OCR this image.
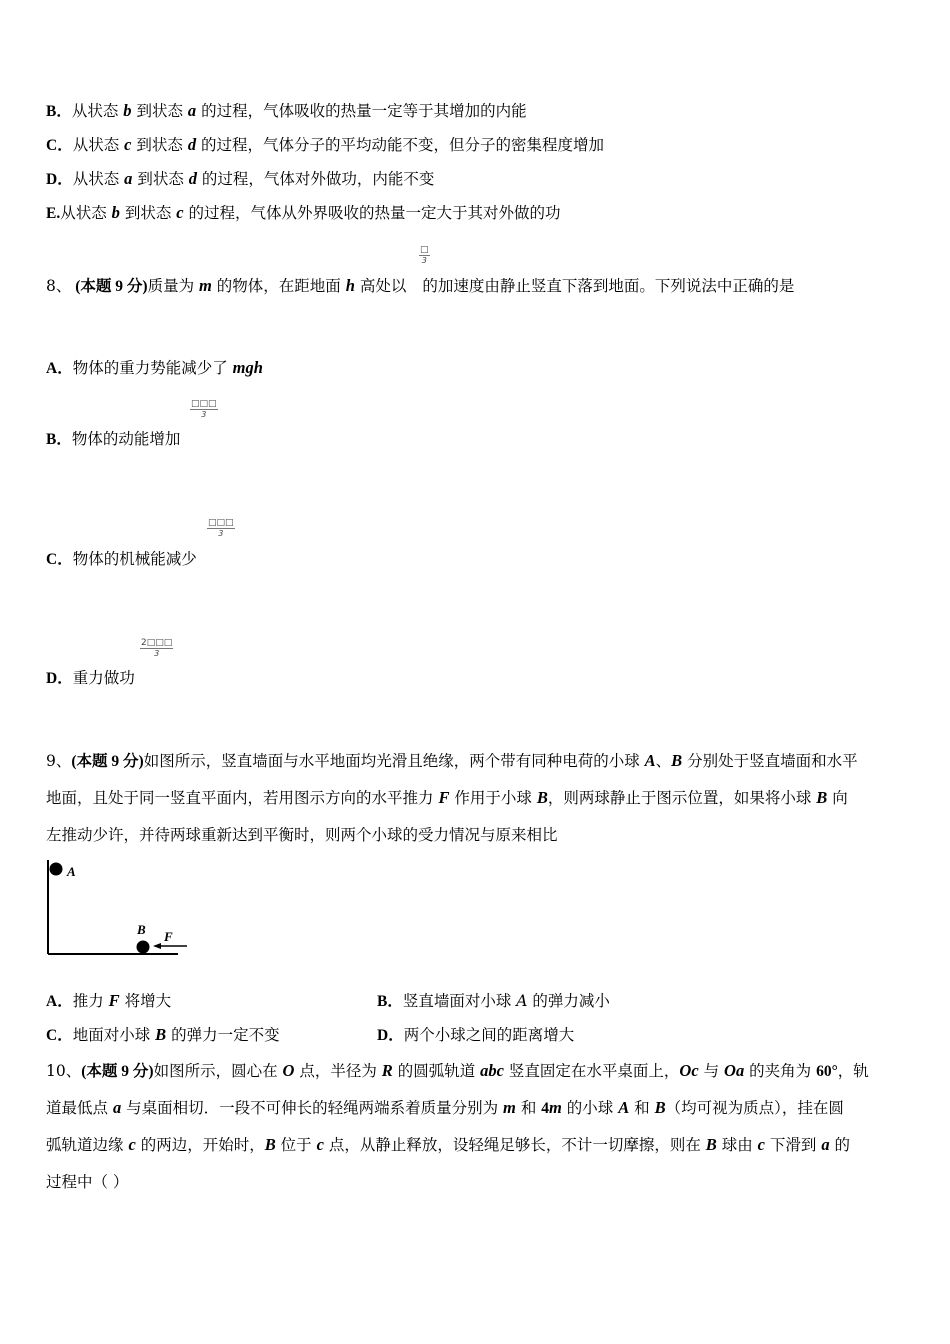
B．从状态 b 到状态 a 的过程，气体吸收的热量一定等于其增加的内能
C．从状态 c 到状态 d 的过程，气体分子的平均动能不变，但分子的密集程度增加
D．从状态 a 到状态 d 的过程，气体对外做功，内能不变
E.从状态 b 到状态 c 的过程，气体从外界吸收的热量一定大于其对外做的功
□
3
8、 (本题 9 分)质量为 m 的物体，在距地面 h 高处以 的加速度由静止竖直下落到地面。下列说法中正确的是
A．物体的重力势能减少了 mgh
□□□
3
B．物体的动能增加
□□□
3
C．物体的机械能减少
2□□□
3
D．重力做功
9、(本题 9 分)如图所示，竖直墙面与水平地面均光滑且绝缘，两个带有同种电荷的小球 A、B 分别处于竖直墙面和水平
地面，且处于同一竖直平面内，若用图示方向的水平推力 F 作用于小球 B，则两球静止于图示位置，如果将小球 B 向
左推动少许，并待两球重新达到平衡时，则两个小球的受力情况与原来相比
A
B F
A．推力 F 将增大	B．竖直墙面对小球 A 的弹力减小
C．地面对小球 B 的弹力一定不变	D．两个小球之间的距离增大
10、(本题 9 分)如图所示，圆心在 O 点，半径为 R 的圆弧轨道 abc 竖直固定在水平桌面上，Oc 与 Oa 的夹角为 60°，轨
道最低点 a 与桌面相切．一段不可伸长的轻绳两端系着质量分别为 m 和 4m 的小球 A 和 B（均可视为质点），挂在圆
弧轨道边缘 c 的两边，开始时，B 位于 c 点，从静止释放，设轻绳足够长，不计一切摩擦，则在 B 球由 c 下滑到 a 的
过程中（ ）
